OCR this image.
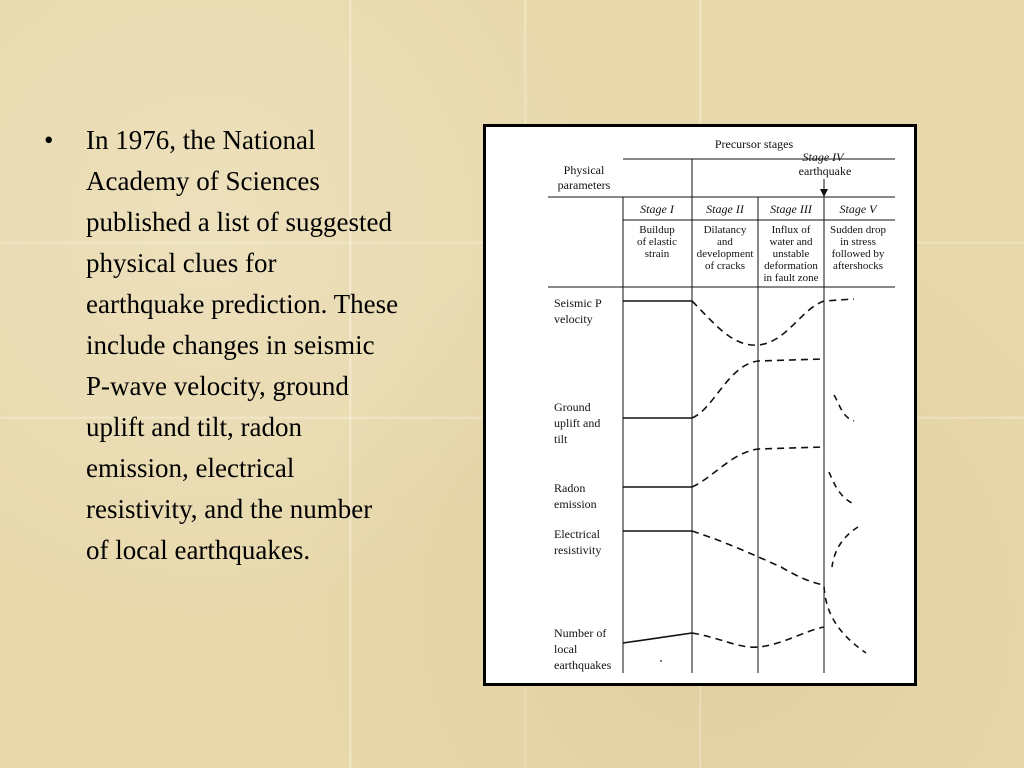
•	In 1976, the National Academy of Sciences published a list of suggested physical clues for earthquake prediction. These include changes in seismic P-wave velocity, ground uplift and tilt, radon emission, electrical resistivity, and the number of local earthquakes.
Precursor stages
Physical
parameters
Stage IV
earthquake
Stage I	Stage II Stage III Stage V
Buildup
of elastic
strain
Dilatancy
and
development
of cracks
Influx of
water and
unstable
deformation
in fault zone
Sudden drop
in stress
followed by
aftershocks
Seismic P
velocity
Ground
uplift and
tilt
Radon
emission
Electrical
resistivity
Number of
local
earthquakes
